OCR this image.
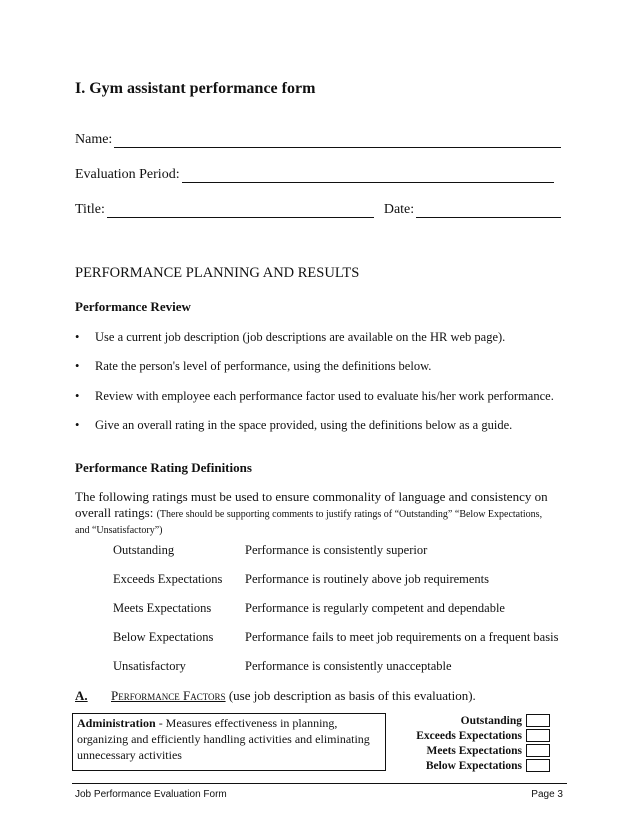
I. Gym assistant performance form
Name:
Evaluation Period:
Title:	Date:
PERFORMANCE PLANNING AND RESULTS
Performance Review
•	Use a current job description (job descriptions are available on the HR web page).
•	Rate the person's level of performance, using the definitions below.
•	Review with employee each performance factor used to evaluate his/her work performance.
•	Give an overall rating in the space provided, using the definitions below as a guide.
Performance Rating Definitions
The following ratings must be used to ensure commonality of language and consistency on
overall ratings: (There should be supporting comments to justify ratings of “Outstanding” “Below Expectations,
and “Unsatisfactory”)
Outstanding	Performance is consistently superior
Exceeds Expectations Performance is routinely above job requirements
Meets Expectations	Performance is regularly competent and dependable
Below Expectations	Performance fails to meet job requirements on a frequent basis
Unsatisfactory	Performance is consistently unacceptable
A. Performance Factors (use job description as basis of this evaluation).
Administration - Measures effectiveness in planning, organizing and efficiently handling activities and eliminating unnecessary activities
Outstanding
Exceeds Expectations
Meets Expectations
Below Expectations
Job Performance Evaluation Form	Page 3
